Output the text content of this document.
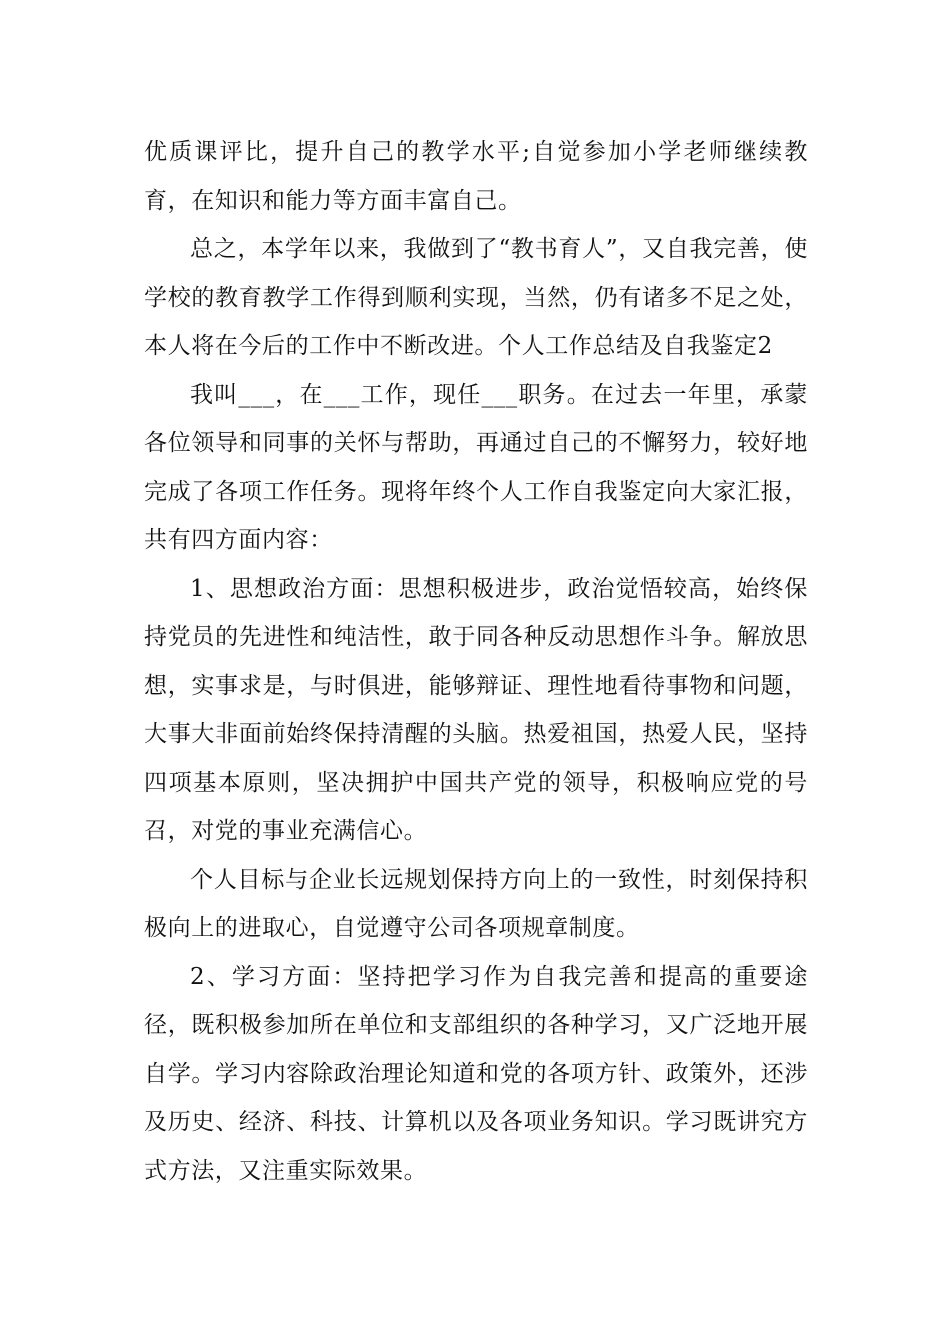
优质课评比，提升自己的教学水平;自觉参加小学老师继续教育，在知识和能力等方面丰富自己。

总之，本学年以来，我做到了“教书育人”，又自我完善，使学校的教育教学工作得到顺利实现，当然，仍有诸多不足之处，本人将在今后的工作中不断改进。个人工作总结及自我鉴定2

我叫___，在___工作，现任___职务。在过去一年里，承蒙各位领导和同事的关怀与帮助，再通过自己的不懈努力，较好地完成了各项工作任务。现将年终个人工作自我鉴定向大家汇报，共有四方面内容：

1、思想政治方面：思想积极进步，政治觉悟较高，始终保持党员的先进性和纯洁性，敢于同各种反动思想作斗争。解放思想，实事求是，与时俱进，能够辩证、理性地看待事物和问题，大事大非面前始终保持清醒的头脑。热爱祖国，热爱人民，坚持四项基本原则，坚决拥护中国共产党的领导，积极响应党的号召，对党的事业充满信心。

个人目标与企业长远规划保持方向上的一致性，时刻保持积极向上的进取心，自觉遵守公司各项规章制度。

2、学习方面：坚持把学习作为自我完善和提高的重要途径，既积极参加所在单位和支部组织的各种学习，又广泛地开展自学。学习内容除政治理论知道和党的各项方针、政策外，还涉及历史、经济、科技、计算机以及各项业务知识。学习既讲究方式方法，又注重实际效果。
